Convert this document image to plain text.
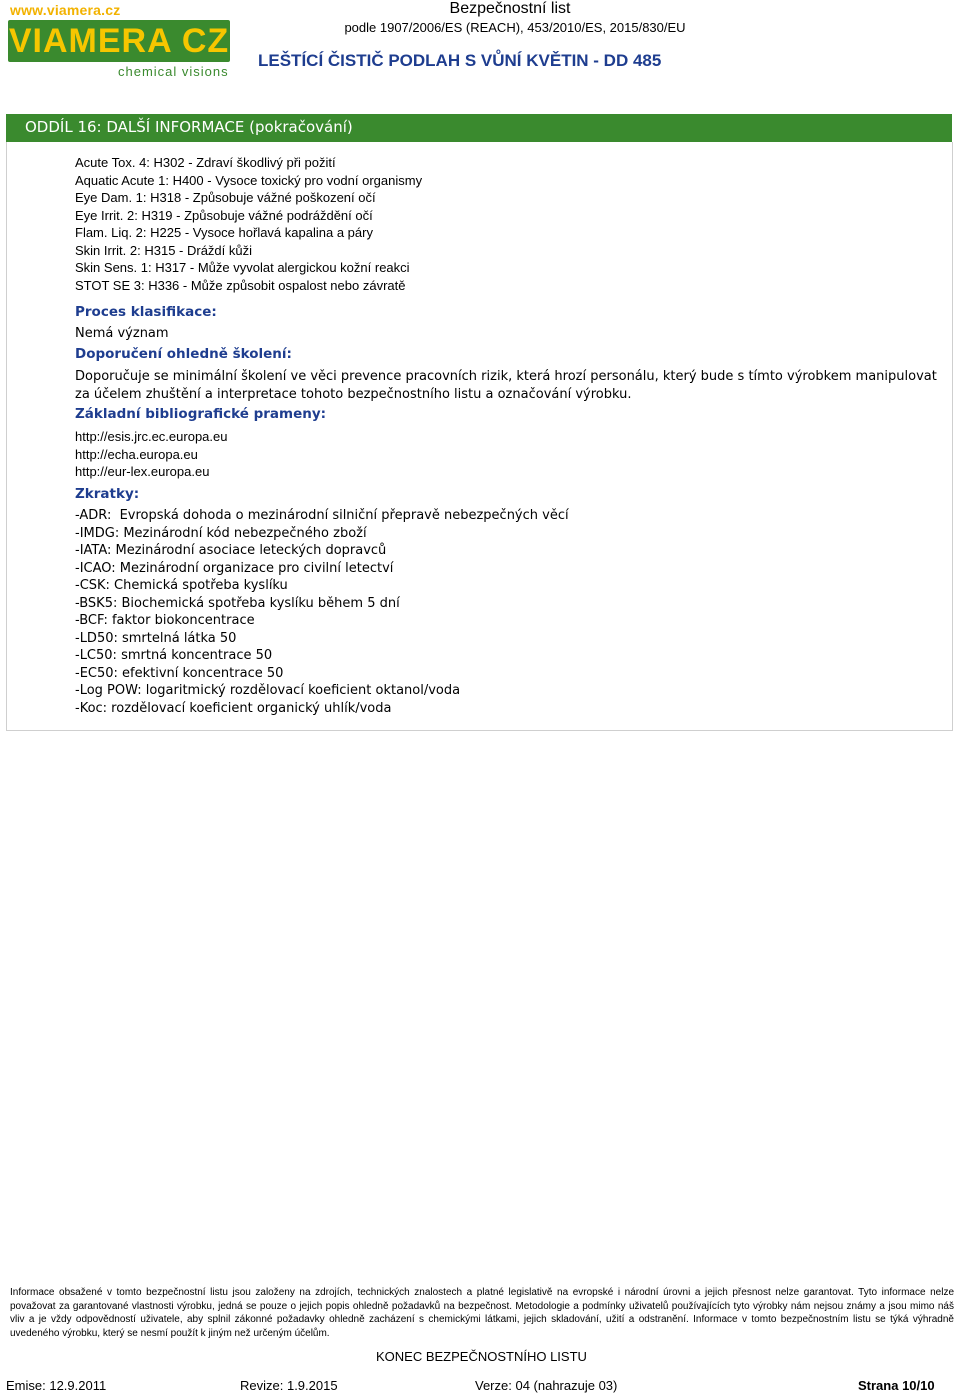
www.viamera.cz
VIAMERA CZ
chemical visions
Bezpečnostní list
podle 1907/2006/ES (REACH), 453/2010/ES, 2015/830/EU
LEŠTÍCÍ ČISTIČ PODLAH S VŮNÍ KVĚTIN - DD 485
ODDÍL 16: DALŠÍ INFORMACE (pokračování)
Acute Tox. 4: H302 - Zdraví škodlivý při požití
Aquatic Acute 1: H400 - Vysoce toxický pro vodní organismy
Eye Dam. 1: H318 - Způsobuje vážné poškození očí
Eye Irrit. 2: H319 - Způsobuje vážné podráždění očí
Flam. Liq. 2: H225 - Vysoce hořlavá kapalina a páry
Skin Irrit. 2: H315 - Dráždí kůži
Skin Sens. 1: H317 - Může vyvolat alergickou kožní reakci
STOT SE 3: H336 - Může způsobit ospalost nebo závratě
Proces klasifikace:
Nemá význam
Doporučení ohledně školení:
Doporučuje se minimální školení ve věci prevence pracovních rizik, která hrozí personálu, který bude s tímto výrobkem manipulovat za účelem zhuštění a interpretace tohoto bezpečnostního listu a označování výrobku.
Základní bibliografické prameny:
http://esis.jrc.ec.europa.eu
http://echa.europa.eu
http://eur-lex.europa.eu
Zkratky:
-ADR:  Evropská dohoda o mezinárodní silniční přepravě nebezpečných věcí
-IMDG: Mezinárodní kód nebezpečného zboží
-IATA: Mezinárodní asociace leteckých dopravců
-ICAO: Mezinárodní organizace pro civilní letectví
-CSK: Chemická spotřeba kyslíku
-BSK5: Biochemická spotřeba kyslíku během 5 dní
-BCF: faktor biokoncentrace
-LD50: smrtelná látka 50
-LC50: smrtná koncentrace 50
-EC50: efektivní koncentrace 50
-Log POW: logaritmický rozdělovací koeficient oktanol/voda
-Koc: rozdělovací koeficient organický uhlík/voda
Informace obsažené v tomto bezpečnostní listu jsou založeny na zdrojích, technických znalostech a platné legislativě na evropské i národní úrovni a jejich přesnost nelze garantovat. Tyto informace nelze považovat za garantované vlastnosti výrobku, jedná se pouze o jejich popis ohledně požadavků na bezpečnost. Metodologie a podmínky uživatelů používajících tyto výrobky nám nejsou známy a jsou mimo náš vliv a je vždy odpovědností uživatele, aby splnil zákonné požadavky ohledně zacházení s chemickými látkami, jejich skladování, užití a odstranění. Informace v tomto bezpečnostním listu se týká výhradně uvedeného výrobku, který se nesmí použít k jiným než určeným účelům.
KONEC BEZPEČNOSTNÍHO LISTU
Emise: 12.9.2011	Revize: 1.9.2015	Verze: 04 (nahrazuje 03)	Strana 10/10
